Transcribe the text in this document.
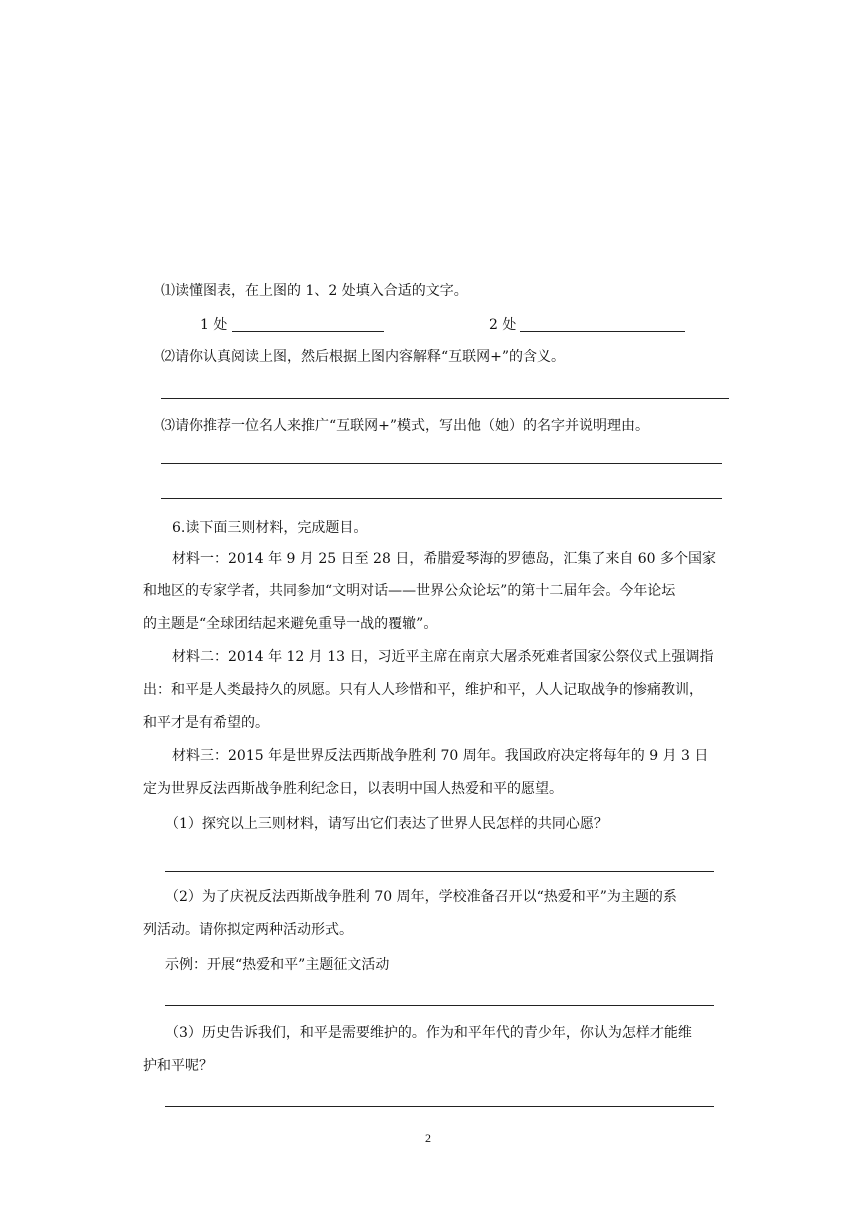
⑴读懂图表，在上图的 1、2 处填入合适的文字。
1 处	2 处
⑵请你认真阅读上图，然后根据上图内容解释“互联网+”的含义。
⑶请你推荐一位名人来推广“互联网+”模式，写出他（她）的名字并说明理由。
6.读下面三则材料，完成题目。
材料一：2014 年 9 月 25 日至 28 日，希腊爱琴海的罗德岛，汇集了来自 60 多个国家
和地区的专家学者，共同参加“文明对话——世界公众论坛”的第十二届年会。今年论坛
的主题是“全球团结起来避免重导一战的覆辙”。
材料二：2014 年 12 月 13 日，习近平主席在南京大屠杀死难者国家公祭仪式上强调指
出：和平是人类最持久的夙愿。只有人人珍惜和平，维护和平，人人记取战争的惨痛教训，
和平才是有希望的。
材料三：2015 年是世界反法西斯战争胜利 70 周年。我国政府决定将每年的 9 月 3 日
定为世界反法西斯战争胜利纪念日，以表明中国人热爱和平的愿望。
（1）探究以上三则材料，请写出它们表达了世界人民怎样的共同心愿？
（2）为了庆祝反法西斯战争胜利 70 周年，学校准备召开以“热爱和平”为主题的系
列活动。请你拟定两种活动形式。
示例：开展“热爱和平”主题征文活动
（3）历史告诉我们，和平是需要维护的。作为和平年代的青少年，你认为怎样才能维
护和平呢？
2
